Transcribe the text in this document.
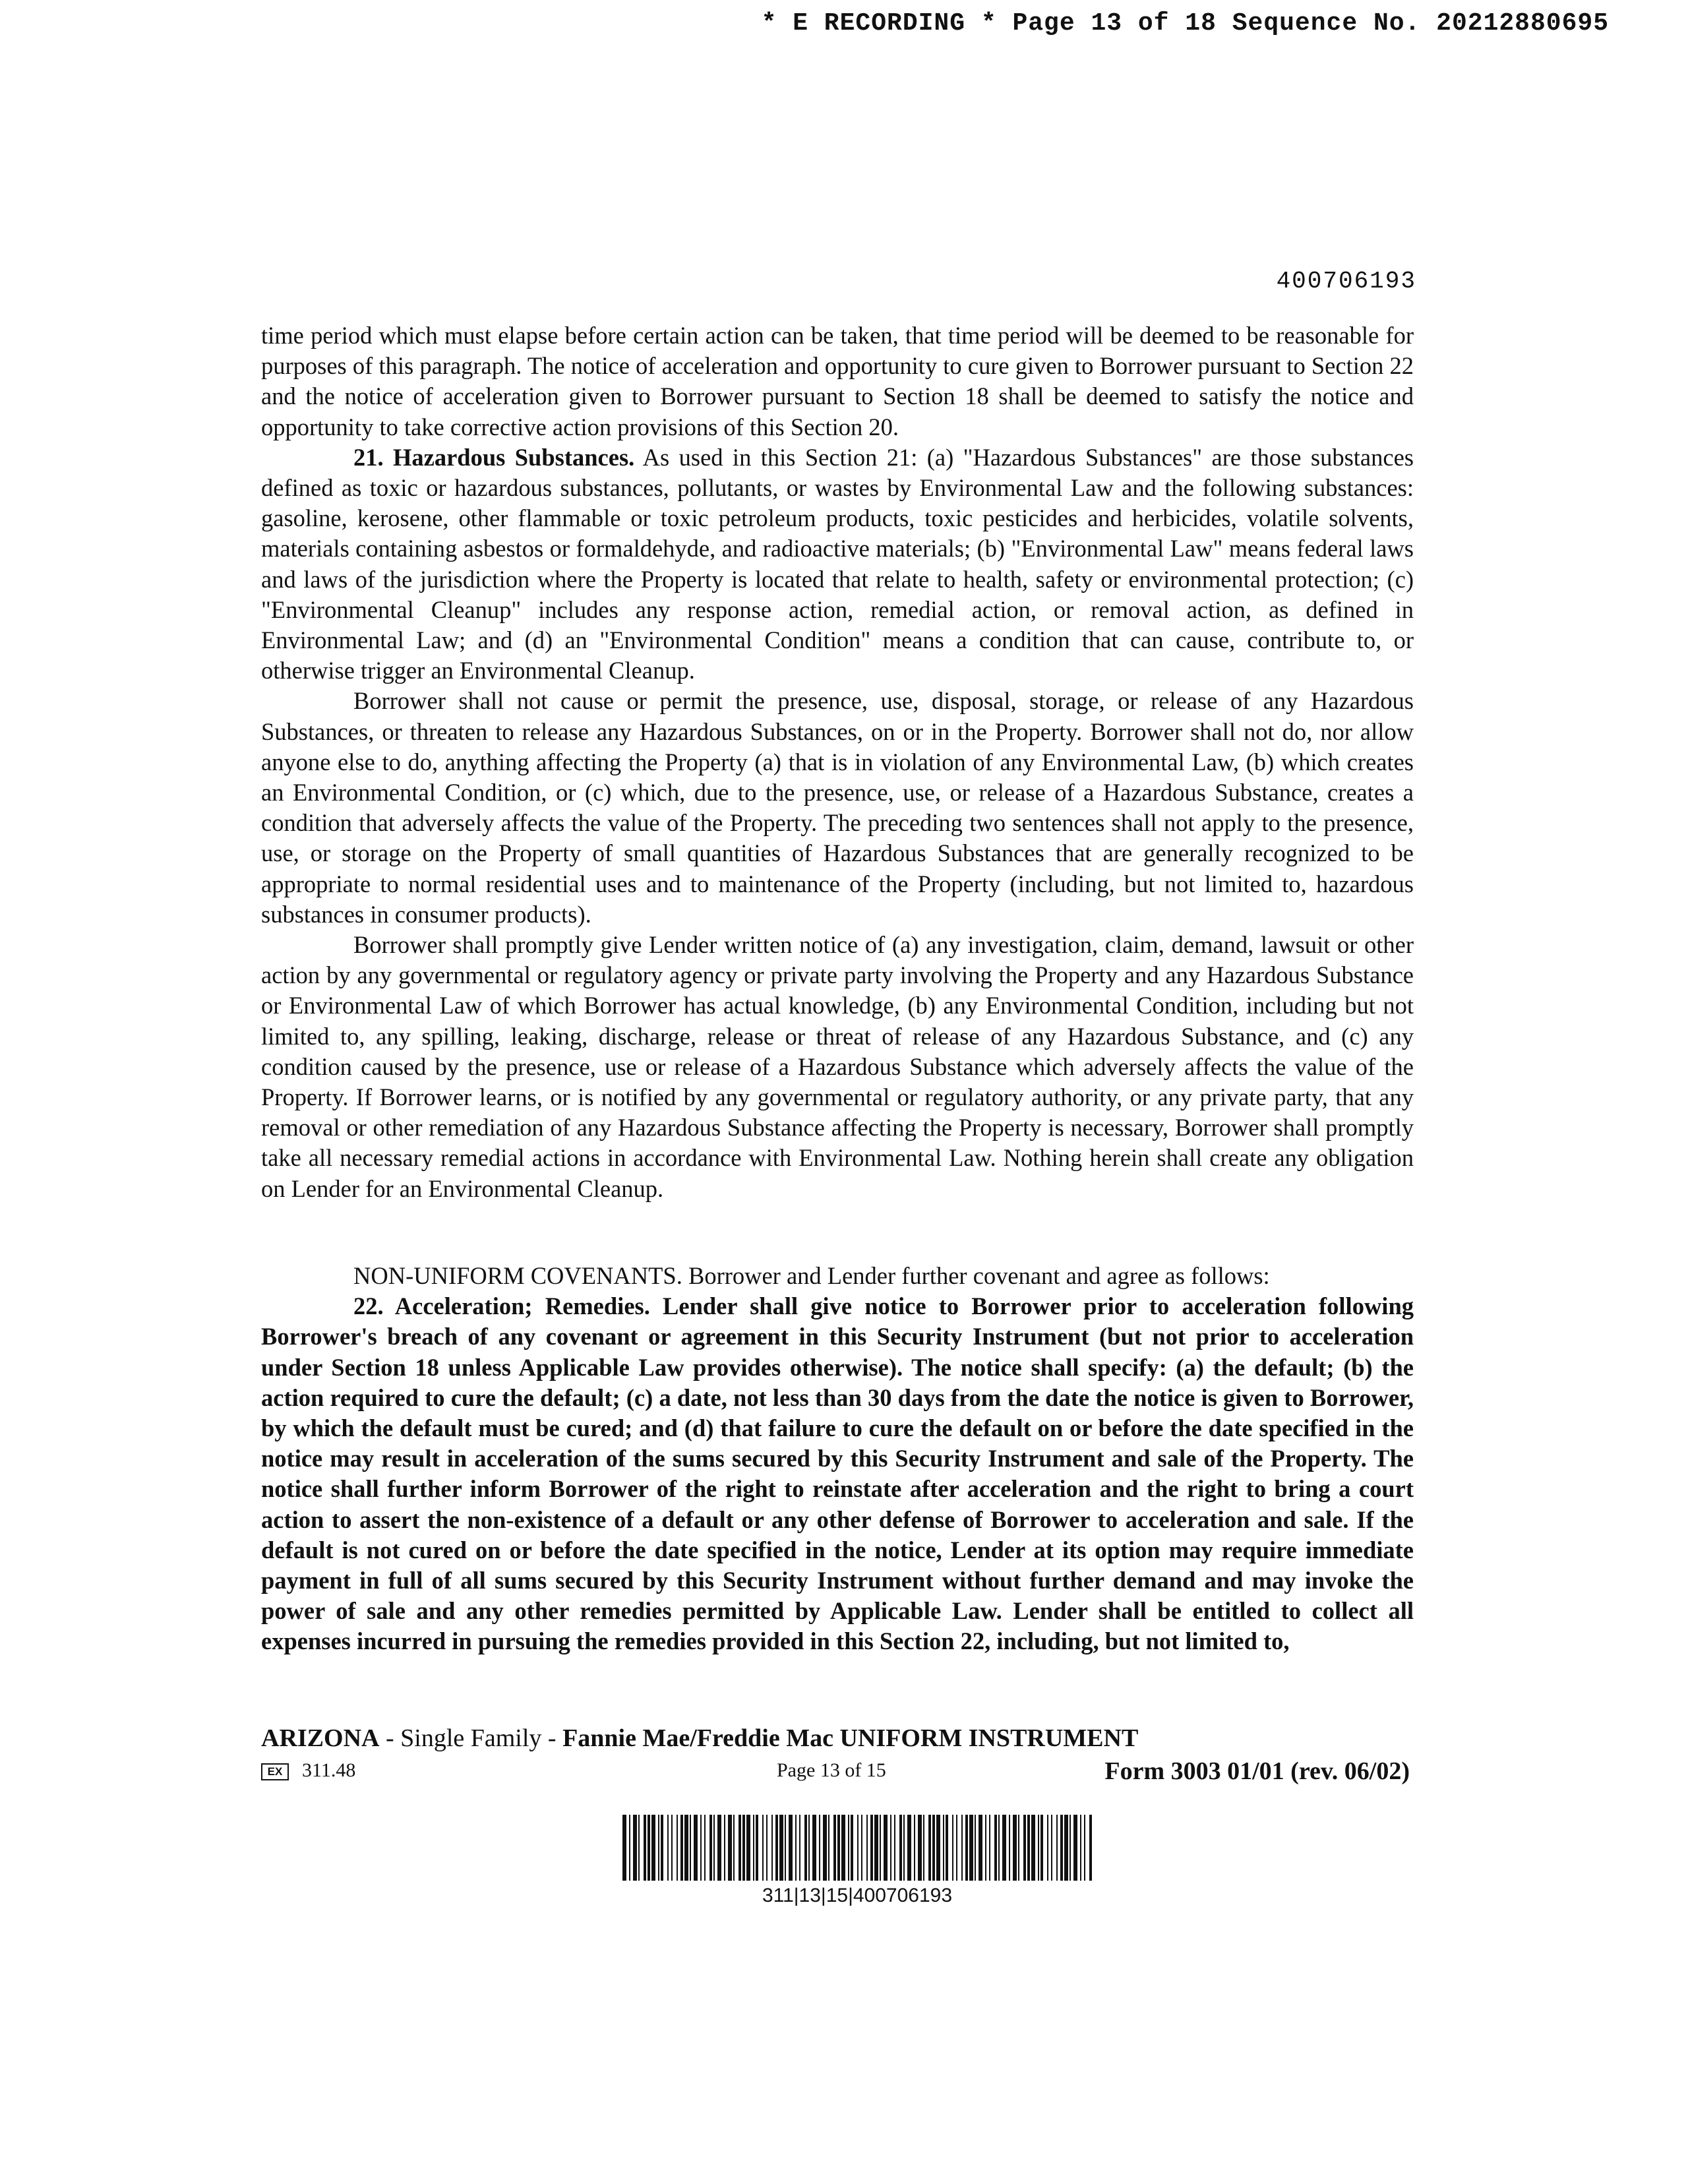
* E RECORDING * Page 13 of 18 Sequence No. 20212880695
400706193

time period which must elapse before certain action can be taken, that time period will be deemed to be reasonable for purposes of this paragraph. The notice of acceleration and opportunity to cure given to Borrower pursuant to Section 22 and the notice of acceleration given to Borrower pursuant to Section 18 shall be deemed to satisfy the notice and opportunity to take corrective action provisions of this Section 20.

21. Hazardous Substances. As used in this Section 21: (a) "Hazardous Substances" are those substances defined as toxic or hazardous substances, pollutants, or wastes by Environmental Law and the following substances: gasoline, kerosene, other flammable or toxic petroleum products, toxic pesticides and herbicides, volatile solvents, materials containing asbestos or formaldehyde, and radioactive materials; (b) "Environmental Law" means federal laws and laws of the jurisdiction where the Property is located that relate to health, safety or environmental protection; (c) "Environmental Cleanup" includes any response action, remedial action, or removal action, as defined in Environmental Law; and (d) an "Environmental Condition" means a condition that can cause, contribute to, or otherwise trigger an Environmental Cleanup.

Borrower shall not cause or permit the presence, use, disposal, storage, or release of any Hazardous Substances, or threaten to release any Hazardous Substances, on or in the Property. Borrower shall not do, nor allow anyone else to do, anything affecting the Property (a) that is in violation of any Environmental Law, (b) which creates an Environmental Condition, or (c) which, due to the presence, use, or release of a Hazardous Substance, creates a condition that adversely affects the value of the Property. The preceding two sentences shall not apply to the presence, use, or storage on the Property of small quantities of Hazardous Substances that are generally recognized to be appropriate to normal residential uses and to maintenance of the Property (including, but not limited to, hazardous substances in consumer products).

Borrower shall promptly give Lender written notice of (a) any investigation, claim, demand, lawsuit or other action by any governmental or regulatory agency or private party involving the Property and any Hazardous Substance or Environmental Law of which Borrower has actual knowledge, (b) any Environmental Condition, including but not limited to, any spilling, leaking, discharge, release or threat of release of any Hazardous Substance, and (c) any condition caused by the presence, use or release of a Hazardous Substance which adversely affects the value of the Property. If Borrower learns, or is notified by any governmental or regulatory authority, or any private party, that any removal or other remediation of any Hazardous Substance affecting the Property is necessary, Borrower shall promptly take all necessary remedial actions in accordance with Environmental Law. Nothing herein shall create any obligation on Lender for an Environmental Cleanup.

NON-UNIFORM COVENANTS. Borrower and Lender further covenant and agree as follows:

22. Acceleration; Remedies. Lender shall give notice to Borrower prior to acceleration following Borrower's breach of any covenant or agreement in this Security Instrument (but not prior to acceleration under Section 18 unless Applicable Law provides otherwise). The notice shall specify: (a) the default; (b) the action required to cure the default; (c) a date, not less than 30 days from the date the notice is given to Borrower, by which the default must be cured; and (d) that failure to cure the default on or before the date specified in the notice may result in acceleration of the sums secured by this Security Instrument and sale of the Property. The notice shall further inform Borrower of the right to reinstate after acceleration and the right to bring a court action to assert the non-existence of a default or any other defense of Borrower to acceleration and sale. If the default is not cured on or before the date specified in the notice, Lender at its option may require immediate payment in full of all sums secured by this Security Instrument without further demand and may invoke the power of sale and any other remedies permitted by Applicable Law. Lender shall be entitled to collect all expenses incurred in pursuing the remedies provided in this Section 22, including, but not limited to,

ARIZONA - Single Family - Fannie Mae/Freddie Mac UNIFORM INSTRUMENT
EX 311.48	Page 13 of 15	Form 3003 01/01 (rev. 06/02)
311|13|15|400706193
